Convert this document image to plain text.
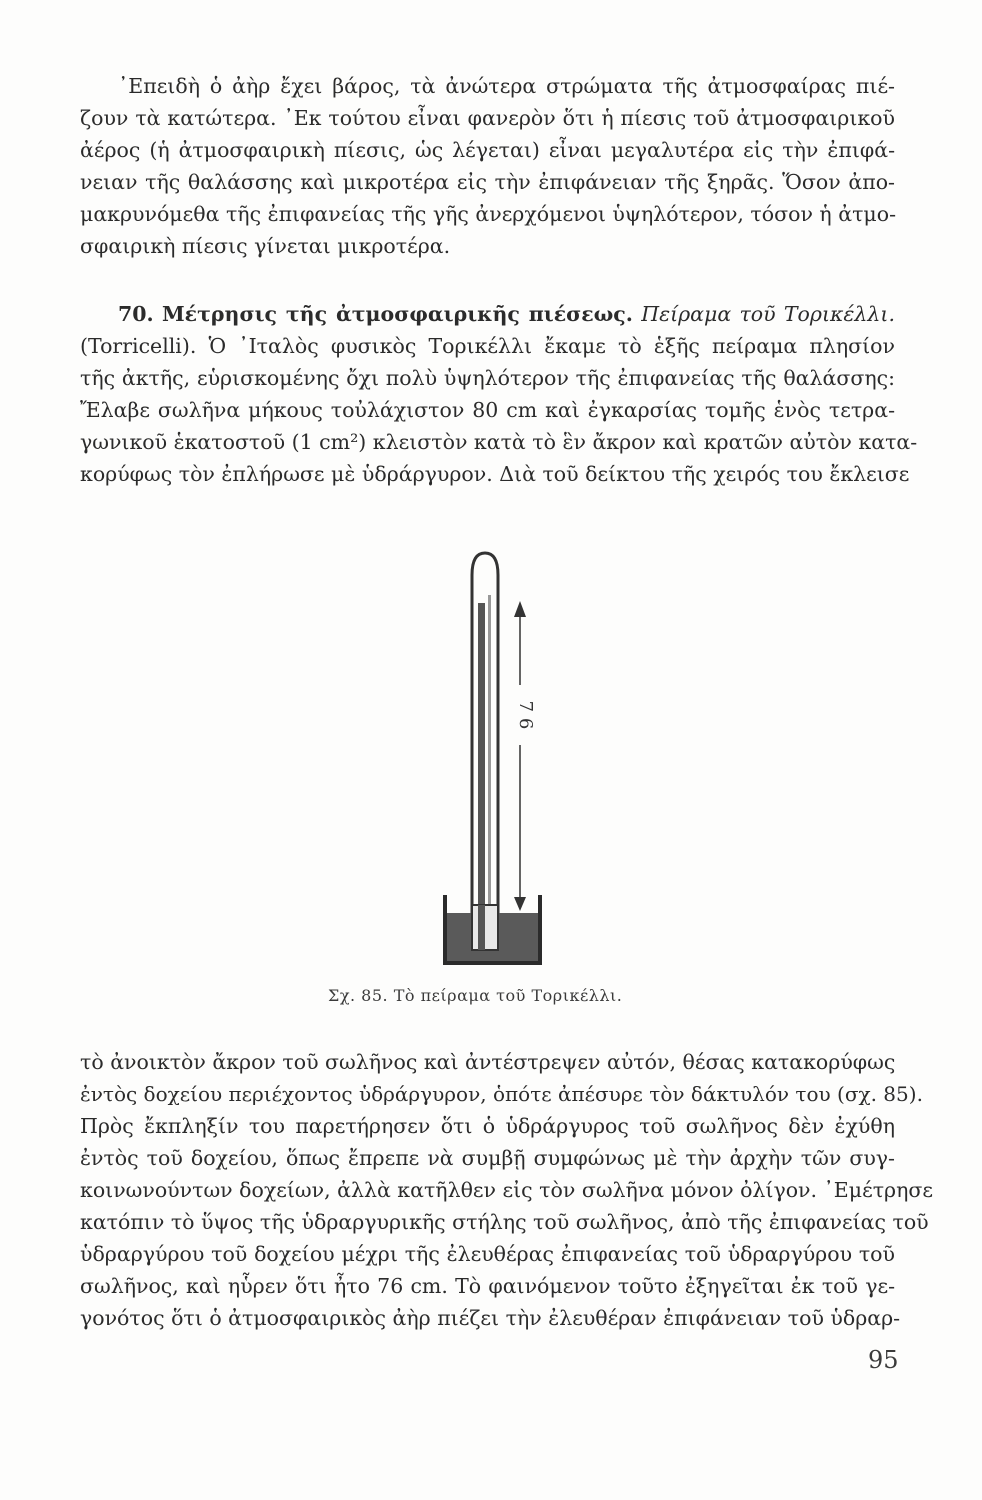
᾿Επειδὴ ὁ ἀὴρ ἔχει βάρος, τὰ ἀνώτερα στρώματα τῆς ἀτμοσφαίρας πιέ-
ζουν τὰ κατώτερα. ᾿Εκ τούτου εἶναι φανερὸν ὅτι ἡ πίεσις τοῦ ἀτμοσφαιρικοῦ
ἀέρος (ἡ ἀτμοσφαιρικὴ πίεσις, ὡς λέγεται) εἶναι μεγαλυτέρα εἰς τὴν ἐπιφά-
νειαν τῆς θαλάσσης καὶ μικροτέρα εἰς τὴν ἐπιφάνειαν τῆς ξηρᾶς. Ὅσον ἀπο-
μακρυνόμεθα τῆς ἐπιφανείας τῆς γῆς ἀνερχόμενοι ὑψηλότερον, τόσον ἡ ἀτμο-
σφαιρικὴ πίεσις γίνεται μικροτέρα.
70. Μέτρησις τῆς ἀτμοσφαιρικῆς πιέσεως. Πείραμα τοῦ Τορικέλλι.
(Torricelli). Ὁ ᾿Ιταλὸς φυσικὸς Τορικέλλι ἔκαμε τὸ ἑξῆς πείραμα πλησίον
τῆς ἀκτῆς, εὑρισκομένης ὄχι πολὺ ὑψηλότερον τῆς ἐπιφανείας τῆς θαλάσσης:
Ἔλαβε σωλῆνα μήκους τοὐλάχιστον 80 cm καὶ ἐγκαρσίας τομῆς ἑνὸς τετρα-
γωνικοῦ ἑκατοστοῦ (1 cm²) κλειστὸν κατὰ τὸ ἓν ἄκρον καὶ κρατῶν αὐτὸν κατα-
κορύφως τὸν ἐπλήρωσε μὲ ὑδράργυρον. Διὰ τοῦ δείκτου τῆς χειρός του ἔκλεισε
7 6
Σχ. 85. Τὸ πείραμα τοῦ Τορικέλλι.
τὸ ἀνοικτὸν ἄκρον τοῦ σωλῆνος καὶ ἀντέστρεψεν αὐτόν, θέσας κατακορύφως
ἐντὸς δοχείου περιέχοντος ὑδράργυρον, ὁπότε ἀπέσυρε τὸν δάκτυλόν του (σχ. 85).
Πρὸς ἔκπληξίν του παρετήρησεν ὅτι ὁ ὑδράργυρος τοῦ σωλῆνος δὲν ἐχύθη
ἐντὸς τοῦ δοχείου, ὅπως ἔπρεπε νὰ συμβῇ συμφώνως μὲ τὴν ἀρχὴν τῶν συγ-
κοινωνούντων δοχείων, ἀλλὰ κατῆλθεν εἰς τὸν σωλῆνα μόνον ὀλίγον. ᾿Εμέτρησε
κατόπιν τὸ ὕψος τῆς ὑδραργυρικῆς στήλης τοῦ σωλῆνος, ἀπὸ τῆς ἐπιφανείας τοῦ
ὑδραργύρου τοῦ δοχείου μέχρι τῆς ἐλευθέρας ἐπιφανείας τοῦ ὑδραργύρου τοῦ
σωλῆνος, καὶ ηὗρεν ὅτι ἦτο 76 cm. Τὸ φαινόμενον τοῦτο ἐξηγεῖται ἐκ τοῦ γε-
γονότος ὅτι ὁ ἀτμοσφαιρικὸς ἀὴρ πιέζει τὴν ἐλευθέραν ἐπιφάνειαν τοῦ ὑδραρ-
95
